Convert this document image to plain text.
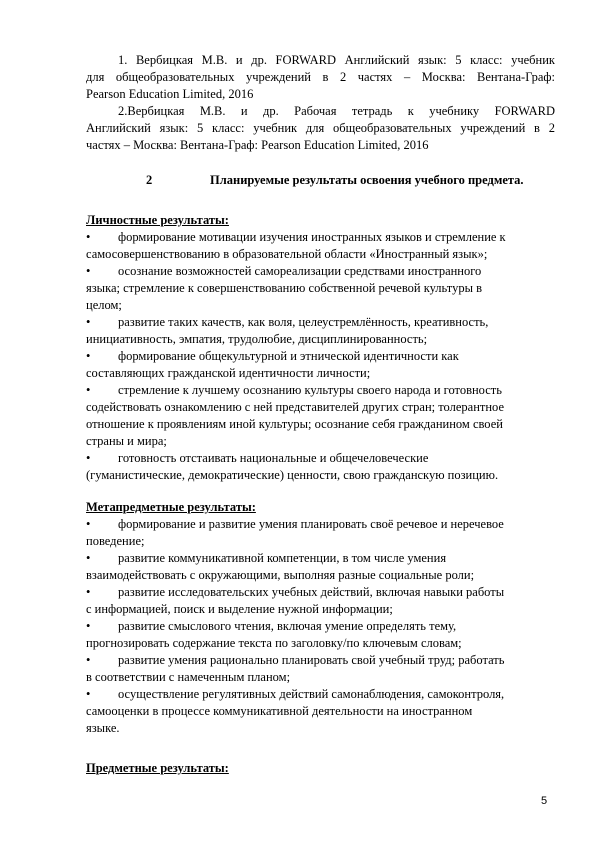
1. Вербицкая М.В. и др. FORWARD Английский язык: 5 класс: учебник
для общеобразовательных учреждений в 2 частях – Москва: Вентана-Граф:
Pearson Education Limited, 2016
2.Вербицкая М.В. и др. Рабочая тетрадь к учебнику FORWARD
Английский язык: 5 класс: учебник для общеобразовательных учреждений в 2
частях – Москва: Вентана-Граф: Pearson Education Limited, 2016
2	Планируемые результаты освоения учебного предмета.
Личностные результаты:
•	формирование мотивации изучения иностранных языков и стремление к
самосовершенствованию в образовательной области «Иностранный язык»;
•	осознание возможностей самореализации средствами иностранного
языка; стремление к совершенствованию собственной речевой культуры в
целом;
•	развитие таких качеств, как воля, целеустремлённость, креативность,
инициативность, эмпатия, трудолюбие, дисциплинированность;
•	формирование общекультурной и этнической идентичности как
составляющих гражданской идентичности личности;
•	стремление к лучшему осознанию культуры своего народа и готовность
содействовать ознакомлению с ней представителей других стран; толерантное
отношение к проявлениям иной культуры; осознание себя гражданином своей
страны и мира;
•	готовность отстаивать национальные и общечеловеческие
(гуманистические, демократические) ценности, свою гражданскую позицию.
Метапредметные результаты:
•	формирование и развитие умения планировать своё речевое и неречевое
поведение;
•	развитие коммуникативной компетенции, в том числе умения
взаимодействовать с окружающими, выполняя разные социальные роли;
•	развитие исследовательских учебных действий, включая навыки работы
с информацией, поиск и выделение нужной информации;
•	развитие смыслового чтения, включая умение определять тему,
прогнозировать содержание текста по заголовку/по ключевым словам;
•	развитие умения рационально планировать свой учебный труд; работать
в соответствии с намеченным планом;
•	осуществление регулятивных действий самонаблюдения, самоконтроля,
самооценки в процессе коммуникативной деятельности на иностранном
языке.
Предметные результаты:
5
